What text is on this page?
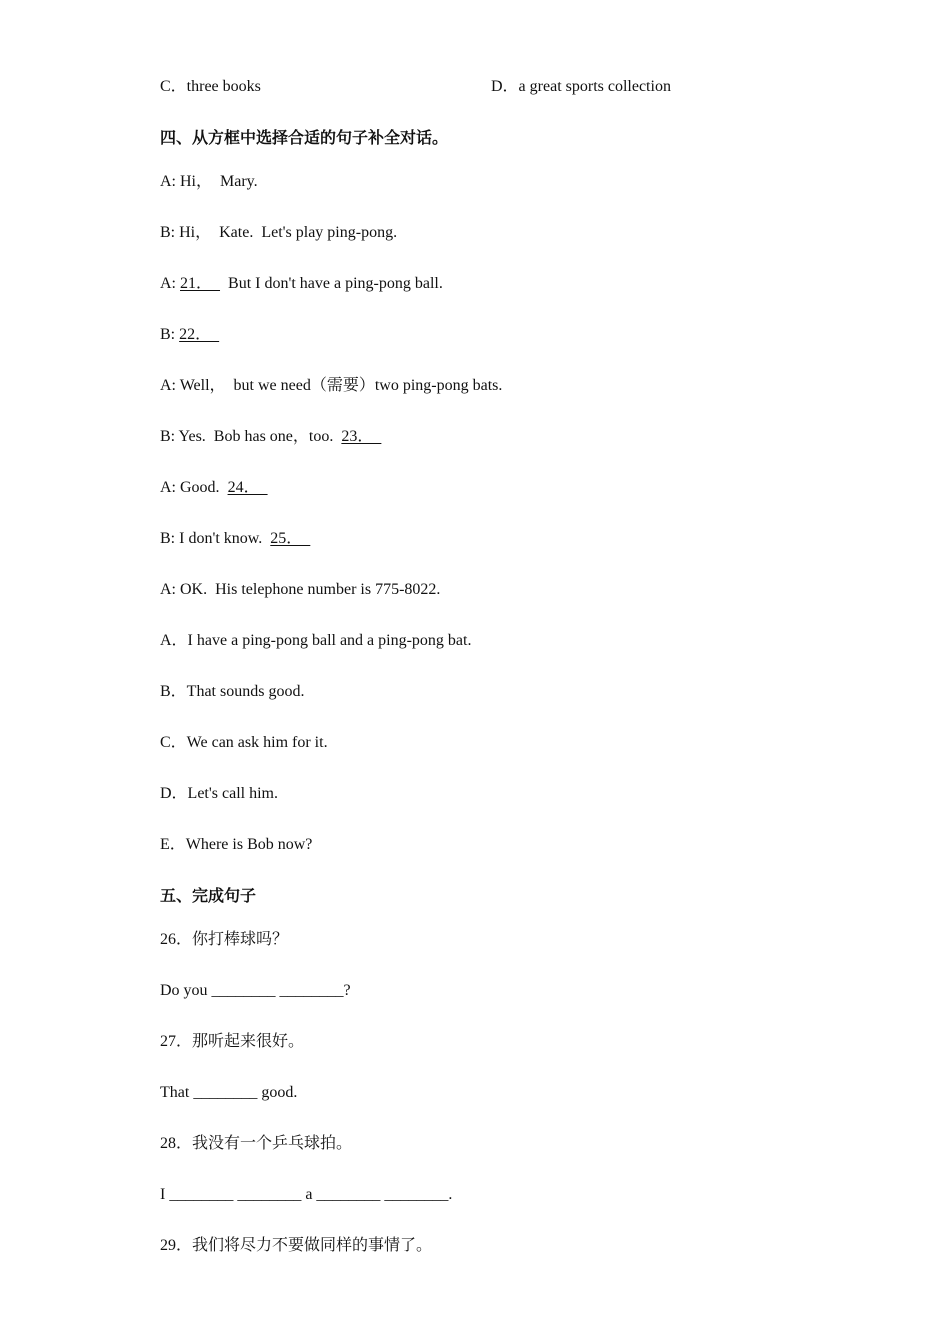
C．three books	D．a great sports collection
四、从方框中选择合适的句子补全对话。
A: Hi，  Mary.
B: Hi，  Kate.  Let's play ping-pong.
A: 21．    But I don't have a ping-pong ball.
B: 22．
A: Well，  but we need（需要）two ping-pong bats.
B: Yes.  Bob has one，too.  23．
A: Good.  24．
B: I don't know.  25．
A: OK.  His telephone number is 775-8022.
A．I have a ping-pong ball and a ping-pong bat.
B．That sounds good.
C．We can ask him for it.
D．Let's call him.
E．Where is Bob now?
五、完成句子
26．你打棒球吗？
Do you ________ ________?
27．那听起来很好。
That ________ good.
28．我没有一个乒乓球拍。
I ________ ________ a ________ ________.
29．我们将尽力不要做同样的事情了。
